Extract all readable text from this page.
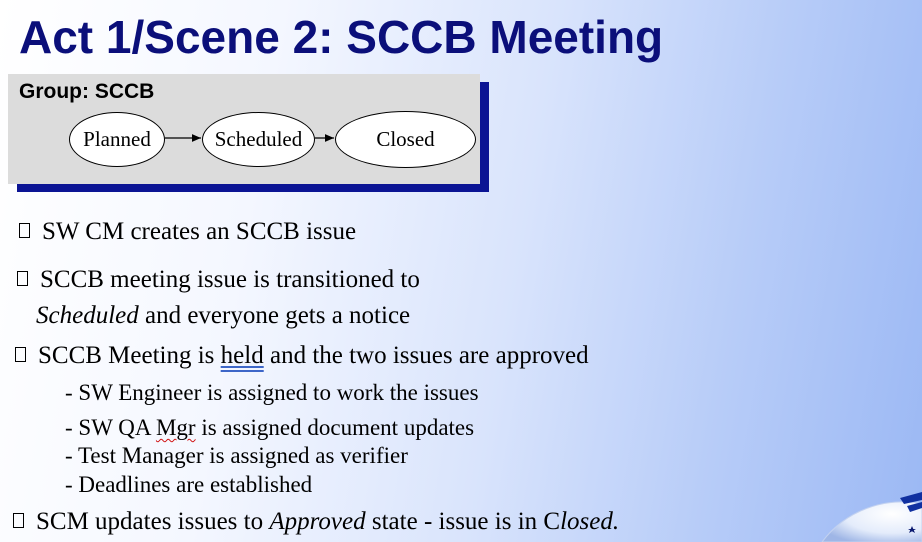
Act 1/Scene 2: SCCB Meeting
Group: SCCB
Planned	Scheduled	Closed
SW CM creates an SCCB issue
SCCB meeting issue is transitioned to
Scheduled and everyone gets a notice
SCCB Meeting is held and the two issues are approved
- SW Engineer is assigned to work the issues
- SW QA Mgr is assigned document updates
- Test Manager is assigned as verifier
- Deadlines are established
SCM updates issues to Approved state - issue is in Closed.
